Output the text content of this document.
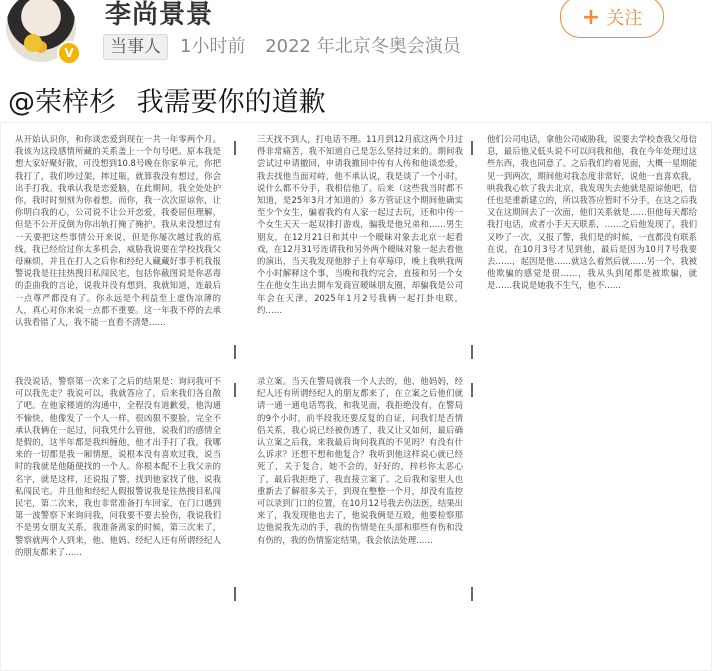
V
李尚景景
当事人	1小时前 2022 年北京冬奥会演员
+ 关注
@荣梓杉 我需要你的道歉
从开始认识你，和你谈恋爱到现在一共一年零两个月。我该为这段感情所藏的关系盖上一个句号吧。原本我是想大家好聚好散，可没想到10.8号晚在你家单元，你把我打了，我们吵过架，摔过瓶，就算我没有想过，你会出手打我。我承认我是恋爱脑，在此期间，我全处处护你，我时时刻刻为你着想。而你，我一次次原谅你，让你明白我的心，公司说不让公开恋爱，我委屈但理解，但是不公开反倒为你出轨打掩了掩护。我从来没想过有一天要把这些事情公开来说，但是你屡次越过我的底线，我已经给过你太多机会，威胁我说要在学校找我父母麻烦，并且在打人之后你和经纪人藏藏好事手机我报警说我是往挂热搜目私闯民宅，包括你截图说是你恶毒的歪曲我的言论，说我并没有想到，我就知道，连最后一点尊严都没有了。你永远是个利益至上虚伪凉薄的人，真心对你来说一点都不重要。这一年我不停的去承认我看错了人，我不能一直看不清楚……
我没说话，警察第一次来了之后的结果是：询问我可不可以我先走？我说可以，我就答应了，后来我们各自散了吧。在他家楼道的沟通中，全程没有道歉爱，他沟通不愉快，他像发了一个人一样，很凶狠不要脸，完全不承认我俩在一起过，问我凭什么管他，说我们的感情全是假的，这半年都是我纠缠他，他才出手打了我，我哪来的一切都是我一厢情愿，说根本没有喜欢过我，说当时的我就是他随便找的一个人。你根本配不上我父亲的名字，就是这样，还说报了警，找到他家找了他，说我私闯民宅。并且他和经纪人假报警说我是往热搜目私闯民宅，第二次来，我也非常准备打车回家，在门口遇到第一波警察下来询问我，问我要不要去验伤，我说我们不是男女朋友关系，我准备离家的时候，第三次来了，警察就两个人到来，他、他妈、经纪人还有所谓经纪人的朋友都来了……
三天找不到人，打电话不理。11月到12月底这两个月过得非常痛苦，我不知道自己是怎么坚持过来的。期间我尝试过申请撤回，申请我撤回中传有人传和他谈恋爱，我去找他当面对峙，他不承认说，我是谈了一个小时，说什么都不分手，我相信他了。后来（这些我当时都不知道，是25年3月才知道的）多方管证这个期间他确实至少个女生，骗着我约有人家一起过去玩，还和中传一个女生天天一起双排打游戏，骗我是他兄弟和……男生朋友，在12月21日和其中一个暧昧对象去北京一起看戏，在12月31号连请我和另外两个暧昧对象一起去看他的演出，当天我发现他脖子上有草莓印，晚上我哄我两个小时解释这个事，当晚和我约完会，直接和另一个女生在他女生出去開车发商宣暧昧朋友圈，却骗我是公司年会在天津，2025年1月2号我俩一起打卦电联，约……
录立案。当天在警局就我一个人去的，他、他妈妈，经纪人还有所谓经纪人的朋友都来了，在立案之后他们就请一通一通电话骂我，和我见面，我拒绝没有，在警局的9个小时，前半段我还要反复的自证，问我们是否情侣关系，我心说已经被伤透了，我又让又如何，最后确认立案之后我，来我最后询问我真的不见吗？有没有什么诉求？还想不想和他复合？我听到他这样说心就已经死了，关于复合，她不会的，好好的，梓杉你太恶心了，最后我拒绝了，我直接立案了。之后我和家里人也重新去了解很多关于，到现在整整一个月，却没有监控可以录到门口的位置，在10月12号我去伤法医，结果出来了，我发现他也去了，他说我俩是互殴，他要检察那边他说我先动的手，我的伤情是在头部和那些有伤和没有伤的，我的伤情鉴定结果，我会依法处理……
他们公司电话，拿他公司威胁我，说要去学校查我父母信息，最后他又低头说不可以问我和他，我在今年处理过这些东西，我也同意了。之后我们约着见面，大概一星期能见一到两次，期间他对我态度非常好，说他一直喜欢我，哄我我心软了我去北京，我发现失去他就是原谅他吧，信任也是重新建立的，所以我答应暂时不分手，在这之后我又在这期间去了一次面，他们关系就是……但他每天都给我打电话，或者小手天天联系，……之后他发现了，我们又吵了一次，又报了警，我们是的时候，一直都没有联系在说，在10月3号才见到他，最后是因为10月7号我要去……，起因是他……就这么着然后就……另一个，我被他欺骗的感觉是很……，我从头到尾都是被欺骗，就是……我说是她我不生气，他不……
